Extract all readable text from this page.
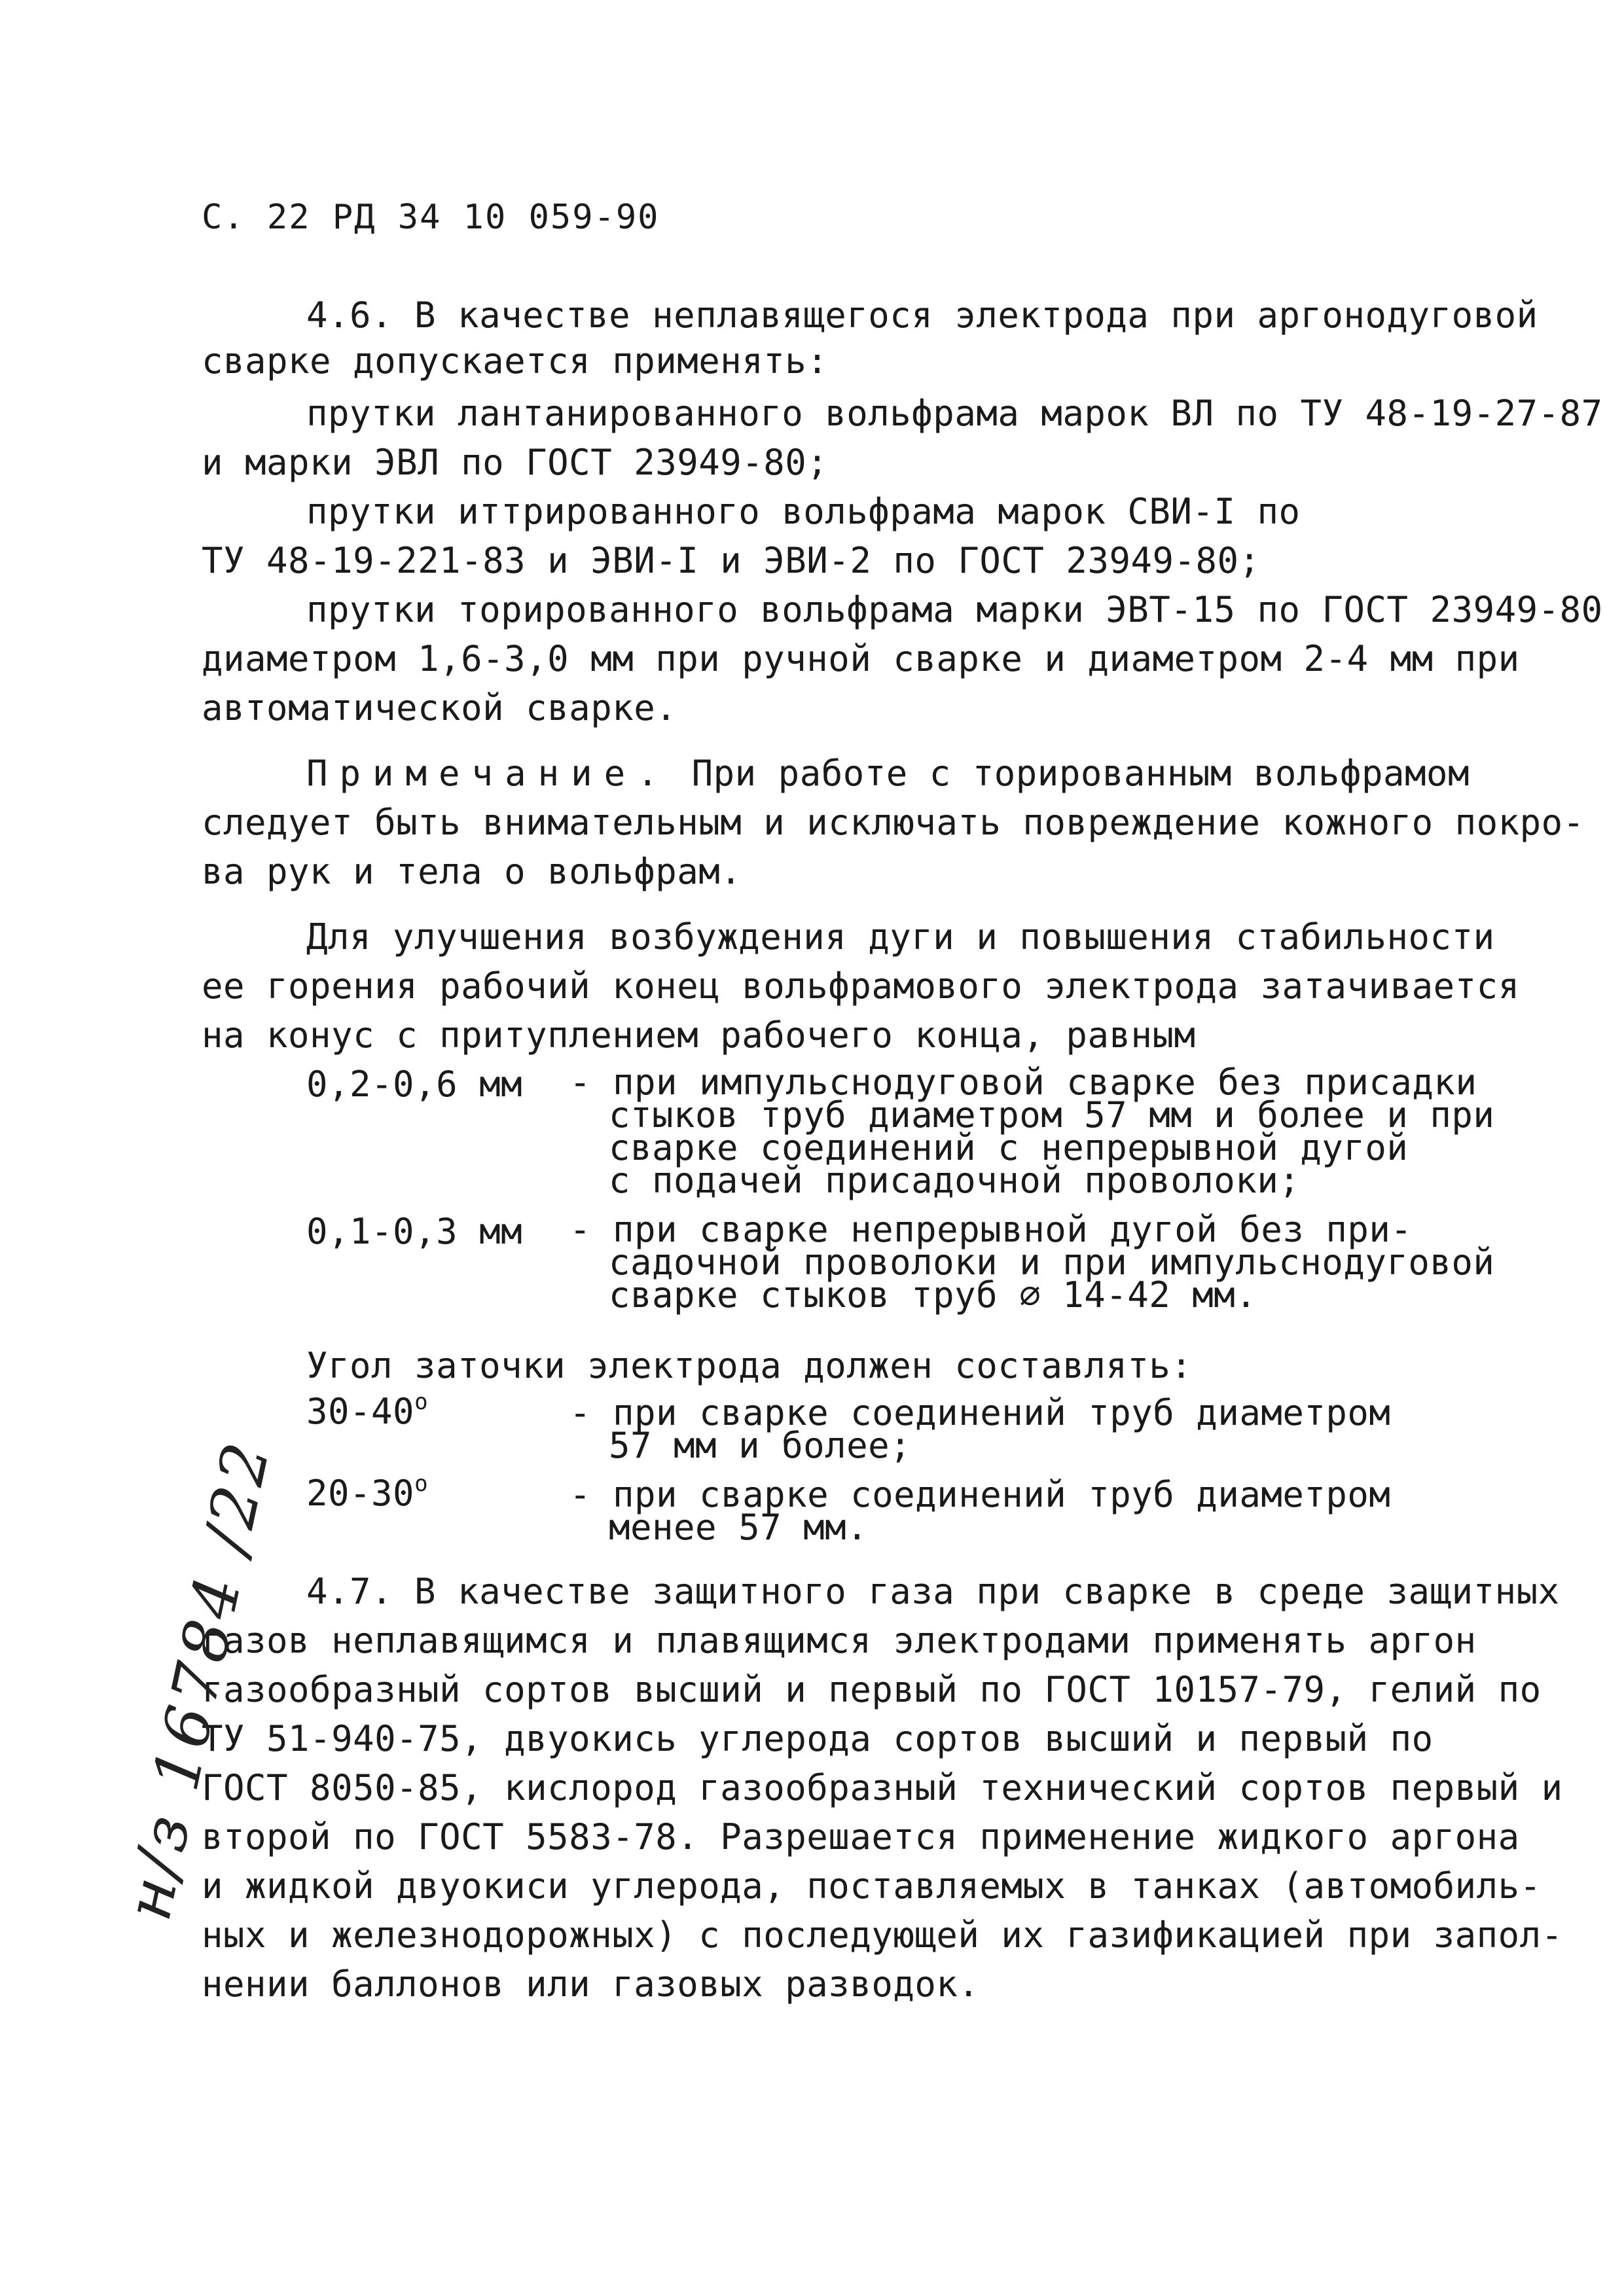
С. 22 РД 34 10 059-90
4.6. В качестве неплавящегося электрода при аргонодуговой
сварке допускается применять:
прутки лантанированного вольфрама марок ВЛ по ТУ 48-19-27-87
и марки ЭВЛ по ГОСТ 23949-80;
прутки иттрированного вольфрама марок СВИ-I по
ТУ 48-19-221-83 и ЭВИ-I и ЭВИ-2 по ГОСТ 23949-80;
прутки торированного вольфрама марки ЭВТ-15 по ГОСТ 23949-80
диаметром 1,6-3,0 мм при ручной сварке и диаметром 2-4 мм при
автоматической сварке.
Примечание. При работе с торированным вольфрамом
следует быть внимательным и исключать повреждение кожного покро-
ва рук и тела о вольфрам.
Для улучшения возбуждения дуги и повышения стабильности
ее горения рабочий конец вольфрамового электрода затачивается
на конус с притуплением рабочего конца, равным
0,2-0,6 мм - при импульснодуговой сварке без присадки
стыков труб диаметром 57 мм и более и при
сварке соединений с непрерывной дугой
с подачей присадочной проволоки;
0,1-0,3 мм - при сварке непрерывной дугой без при-
садочной проволоки и при импульснодуговой
сварке стыков труб ⌀ 14-42 мм.
Угол заточки электрода должен составлять:
$30-40^о$	- при сварке соединений труб диаметром
57 мм и более;
$20-30^о$	- при сварке соединений труб диаметром
менее 57 мм.
4.7. В качестве защитного газа при сварке в среде защитных
газов неплавящимся и плавящимся электродами применять аргон
газообразный сортов высший и первый по ГОСТ 10157-79, гелий по
ТУ 51-940-75, двуокись углерода сортов высший и первый по
ГОСТ 8050-85, кислород газообразный технический сортов первый и
второй по ГОСТ 5583-78. Разрешается применение жидкого аргона
и жидкой двуокиси углерода, поставляемых в танках (автомобиль-
ных и железнодорожных) с последующей их газификацией при запол-
нении баллонов или газовых разводок.
н/з 16784 /22
